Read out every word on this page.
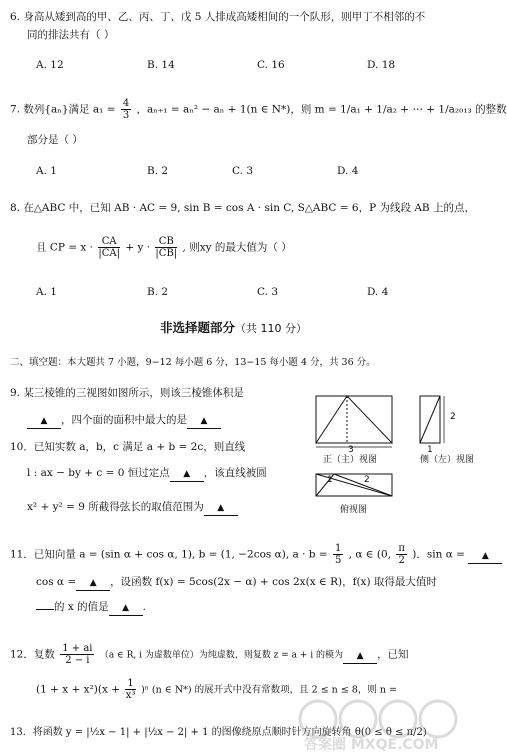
6. 身高从矮到高的甲、乙、丙、丁、戊 5 人排成高矮相间的一个队形，则甲丁不相邻的不
同的排法共有（ ）
A. 12	B. 14	C. 16	D. 18
7. 数列{aₙ}满足 $a_1 = \frac{4}{3}$ ，aₙ₊₁ = aₙ² − aₙ + 1(n ∈ N*)，则 m = 1/a₁ + 1/a₂ + ⋯ + 1/a₂₀₁₃ 的整数
部分是（ ）
A. 1	B. 2	C. 3	D. 4
8. 在△ABC 中，已知 AB · AC = 9, sin B = cos A · sin C, S△ABC = 6，P 为线段 AB 上的点，
且 CP = $x \cdot \frac{CA}{|CA|} + y \cdot \frac{CB}{|CB|}$ , 则xy 的最大值为（ ）
A. 1	B. 2	C. 3	D. 4
非选择题部分（共 110 分）
二、填空题：本大题共 7 小题，9−12 每小题 6 分，13−15 每小题 4 分，共 36 分。
9. 某三棱锥的三视图如图所示，则该三棱锥体积是
▲ ，四个面的面积中最大的是 ▲
3
2
1
1	2
正（主）视图	侧（左）视图
俯视图
10．已知实数 a，b，c 满足 a + b = 2c，则直线
l : ax − by + c = 0 恒过定点 ▲ ，该直线被圆
x² + y² = 9 所截得弦长的取值范围为 ▲
11．已知向量 a = (sin α + cos α, 1), b = (1, −2cos α), $a \cdot b = \frac{1}{5}$ , α ∈ (0, $\frac{\pi}{2}$ )．sin α = ▲
cos α = ▲ ，设函数 f(x) = 5cos(2x − α) + cos 2x(x ∈ R)，f(x) 取得最大值时
的 x 的值是 ▲ .
12．复数 $\frac{1 + ai}{2 - i} (a$ ∈ R, i 为虚数单位）为纯虚数，则复数 z = a + i 的模为 ▲ ，已知
$(1 + x + x^2)(x + \frac{1}{\text{x³}} )^n$ (n ∈ N*) 的展开式中没有常数项，且 2 ≤ n ≤ 8，则 n =
13．将函数 y = |½x − 1| + |½x − 2| + 1 的图像绕原点顺时针方向旋转角 θ(0 ≤ θ ≤ π/2)
答案圈 MXQE.COM
